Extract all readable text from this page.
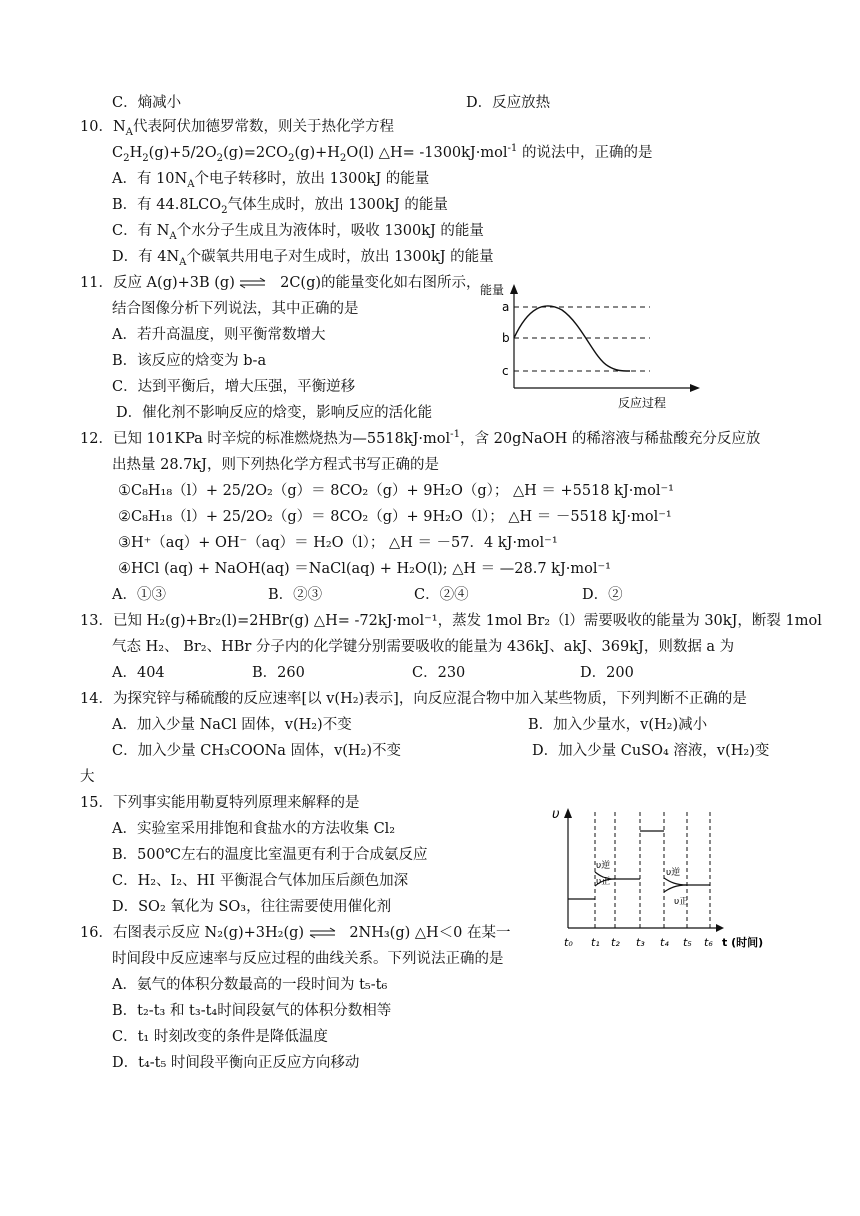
C．熵减小	D．反应放热
10．$N_A$代表阿伏加德罗常数，则关于热化学方程
$C_2H_2(g)+5/2O_2(g)=2CO_2(g)+H_2O(l)$ △H= -1300kJ·mol$^{-1}$ 的说法中，正确的是
A．有 $10N_A$个电子转移时，放出 1300kJ 的能量
B．有 $44.8LCO_2$气体生成时，放出 1300kJ 的能量
C．有 $N_A$个水分子生成且为液体时，吸收 1300kJ 的能量
D．有 $4N_A$个碳氧共用电子对生成时，放出 1300kJ 的能量
11．反应 A(g)+3B (g) ⇌ 2C(g)的能量变化如右图所示，
结合图像分析下列说法，其中正确的是
A．若升高温度，则平衡常数增大
B．该反应的焓变为 b-a
C．达到平衡后，增大压强，平衡逆移
D．催化剂不影响反应的焓变，影响反应的活化能
能量
a
b
c
反应过程
12．已知 101KPa 时辛烷的标准燃烧热为—5518kJ·mol$^{-1}$，含 20gNaOH 的稀溶液与稀盐酸充分反应放
出热量 28.7kJ，则下列热化学方程式书写正确的是
①C₈H₁₈（l）+ 25/2O₂（g）＝ 8CO₂（g）+ 9H₂O（g）； △H ＝ +5518 kJ·mol⁻¹
②C₈H₁₈（l）+ 25/2O₂（g）＝ 8CO₂（g）+ 9H₂O（l）； △H ＝ －5518 kJ·mol⁻¹
③H⁺（aq）+ OH⁻（aq）＝ H₂O（l）； △H ＝ －57．4 kJ·mol⁻¹
④HCl (aq) + NaOH(aq) ＝NaCl(aq) + H₂O(l); △H ＝ —28.7 kJ·mol⁻¹
A．①③	B．②③	C．②④	D．②
13．已知 H₂(g)+Br₂(l)=2HBr(g) △H= -72kJ·mol⁻¹，蒸发 1mol Br₂（l）需要吸收的能量为 30kJ，断裂 1mol
气态 H₂、 Br₂、HBr 分子内的化学键分别需要吸收的能量为 436kJ、akJ、369kJ，则数据 a 为
A．404	B．260	C．230	D．200
14．为探究锌与稀硫酸的反应速率[以 v(H₂)表示]，向反应混合物中加入某些物质，下列判断不正确的是
A．加入少量 NaCl 固体，v(H₂)不变	B．加入少量水，v(H₂)减小
C．加入少量 CH₃COONa 固体，v(H₂)不变	D．加入少量 CuSO₄ 溶液，v(H₂)变
大
15．下列事实能用勒夏特列原理来解释的是
A．实验室采用排饱和食盐水的方法收集 Cl₂
B．500℃左右的温度比室温更有利于合成氨反应
C．H₂、I₂、HI 平衡混合气体加压后颜色加深
D．SO₂ 氧化为 SO₃，往往需要使用催化剂
16．右图表示反应 N₂(g)+3H₂(g) ⇌ 2NH₃(g) △H＜0 在某一
时间段中反应速率与反应过程的曲线关系。下列说法正确的是
A．氨气的体积分数最高的一段时间为 t₅-t₆
B．t₂-t₃ 和 t₃-t₄时间段氨气的体积分数相等
C．t₁ 时刻改变的条件是降低温度
D．t₄-t₅ 时间段平衡向正反应方向移动
υ
υ逆
υ正
υ逆
υ正
t₀ t₁ t₂ t₃ t₄ t₅ t₆ t (时间)
